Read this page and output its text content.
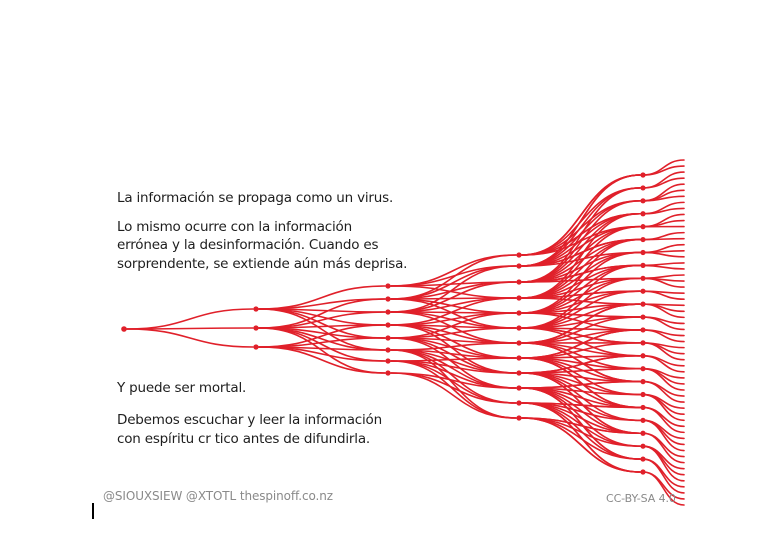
La información se propaga como un virus.
Lo mismo ocurre con la información
errónea y la desinformación. Cuando es
sorprendente, se extiende aún más deprisa.
Y puede ser mortal.
Debemos escuchar y leer la información
con espíritu cr tico antes de difundirla.
@SIOUXSIEW @XTOTL thespinoff.co.nz	CC-BY-SA 4.0
